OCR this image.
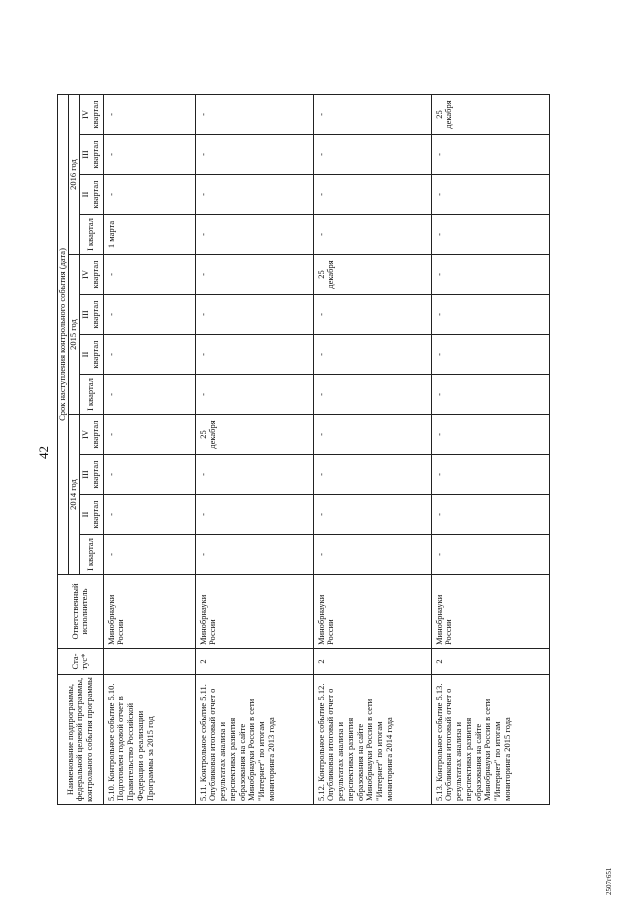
42
2507г651
Наименование подпрограммы, федеральной целевой программы, контрольного события программы	Ста-тус*	Ответственный исполнитель	Срок наступления контрольного события (дата)											
			2014 год				2015 год				2016 год			
			I квартал	II квартал	III квартал	IV квартал	I квартал	II квартал	III квартал	IV квартал	I квартал	II квартал	III квартал	IV квартал
5.10. Контрольное событие 5.10. Подготовлен годовой отчет в Правительство Российской Федерации о реализации Программы за 2015 год		Минобрнауки России	-	-	-	-	-	-	-	-	1 марта	-	-	-
5.11. Контрольное событие 5.11. Опубликован итоговый отчет о результатах анализа и перспективах развития образования на сайте Минобрнауки России в сети "Интернет" по итогам мониторинга 2013 года	2	Минобрнауки России	-	-	-	25 декабря	-	-	-	-	-	-	-	-
5.12. Контрольное событие 5.12. Опубликован итоговый отчет о результатах анализа и перспективах развития образования на сайте Минобрнауки России в сети "Интернет" по итогам мониторинга 2014 года	2	Минобрнауки России	-	-	-	-	-	-	-	25 декабря	-	-	-	-
5.13. Контрольное событие 5.13. Опубликован итоговый отчет о результатах анализа и перспективах развития образования на сайте Минобрнауки России в сети "Интернет" по итогам мониторинга 2015 года	2	Минобрнауки России	-	-	-	-	-	-	-	-	-	-	-	25 декабря
